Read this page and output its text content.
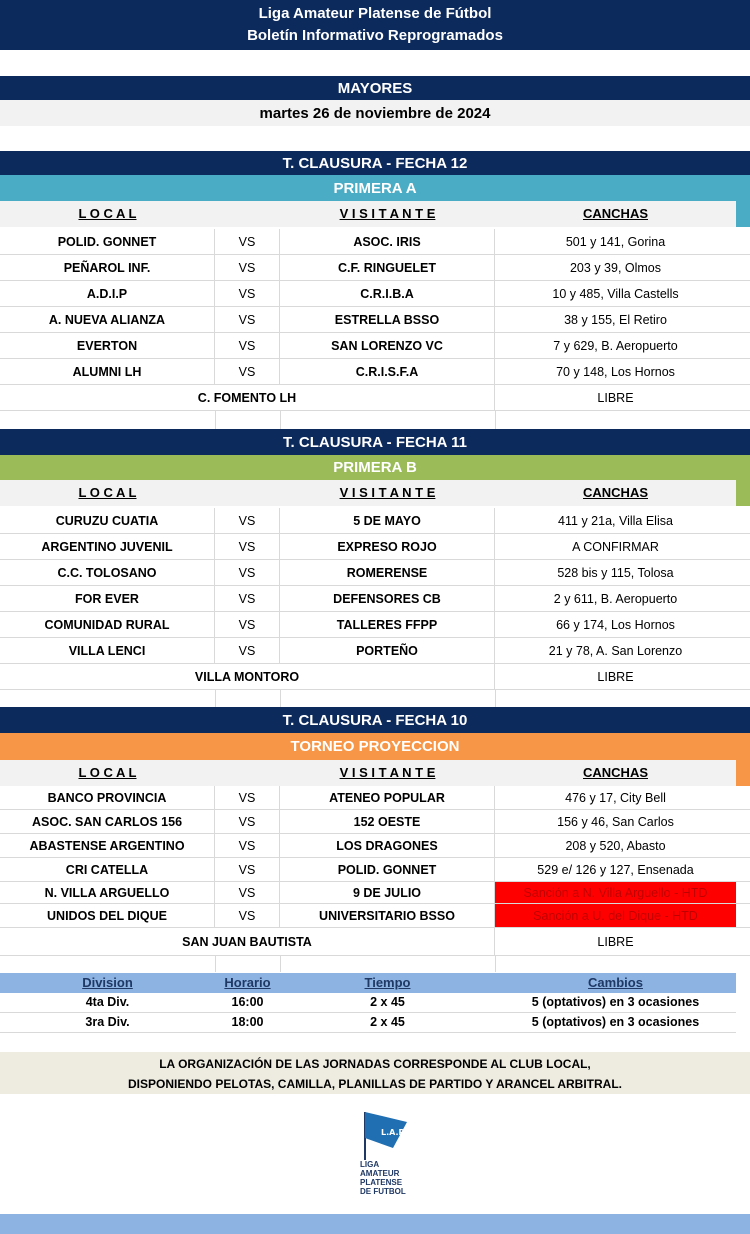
Liga Amateur Platense de Fútbol
Boletín Informativo Reprogramados
MAYORES
martes 26 de noviembre de 2024
T. CLAUSURA - FECHA 12
PRIMERA A
L O C A L	V I S I T A N T E	CANCHAS
POLID. GONNET	VS	ASOC. IRIS	501 y 141, Gorina
PEÑAROL INF.	VS	C.F. RINGUELET	203 y 39, Olmos
A.D.I.P	VS	C.R.I.B.A	10 y 485, Villa Castells
A. NUEVA ALIANZA	VS	ESTRELLA BSSO	38 y 155, El Retiro
EVERTON	VS	SAN LORENZO VC	7 y 629, B. Aeropuerto
ALUMNI LH	VS	C.R.I.S.F.A	70 y 148, Los Hornos
C. FOMENTO LH	LIBRE
T. CLAUSURA - FECHA 11
PRIMERA B
L O C A L	V I S I T A N T E	CANCHAS
CURUZU CUATIA	VS	5 DE MAYO	411 y 21a, Villa Elisa
ARGENTINO JUVENIL	VS	EXPRESO ROJO	A CONFIRMAR
C.C. TOLOSANO	VS	ROMERENSE	528 bis y 115, Tolosa
FOR EVER	VS	DEFENSORES CB	2 y 611, B. Aeropuerto
COMUNIDAD RURAL	VS	TALLERES FFPP	66 y 174, Los Hornos
VILLA LENCI	VS	PORTEÑO	21 y 78, A. San Lorenzo
VILLA MONTORO	LIBRE
T. CLAUSURA - FECHA 10
TORNEO PROYECCION
L O C A L	V I S I T A N T E	CANCHAS
BANCO PROVINCIA	VS	ATENEO POPULAR	476 y 17, City Bell
ASOC. SAN CARLOS 156	VS	152 OESTE	156 y 46, San Carlos
ABASTENSE ARGENTINO	VS	LOS DRAGONES	208 y 520, Abasto
CRI CATELLA	VS	POLID. GONNET	529 e/ 126 y 127, Ensenada
N. VILLA ARGUELLO	VS	9 DE JULIO	Sanción a N. Villa Arguello - HTD
UNIDOS DEL DIQUE	VS	UNIVERSITARIO BSSO	Sanción a U. del Dique - HTD
SAN JUAN BAUTISTA	LIBRE
Division	Horario	Tiempo	Cambios
4ta Div.	16:00	2 x 45	5 (optativos) en 3 ocasiones
3ra Div.	18:00	2 x 45	5 (optativos) en 3 ocasiones
LA ORGANIZACIÓN DE LAS JORNADAS CORRESPONDE AL CLUB LOCAL,
DISPONIENDO PELOTAS, CAMILLA, PLANILLAS DE PARTIDO Y ARANCEL ARBITRAL.
L.A.P
LIGA
AMATEUR
PLATENSE
DE FUTBOL
